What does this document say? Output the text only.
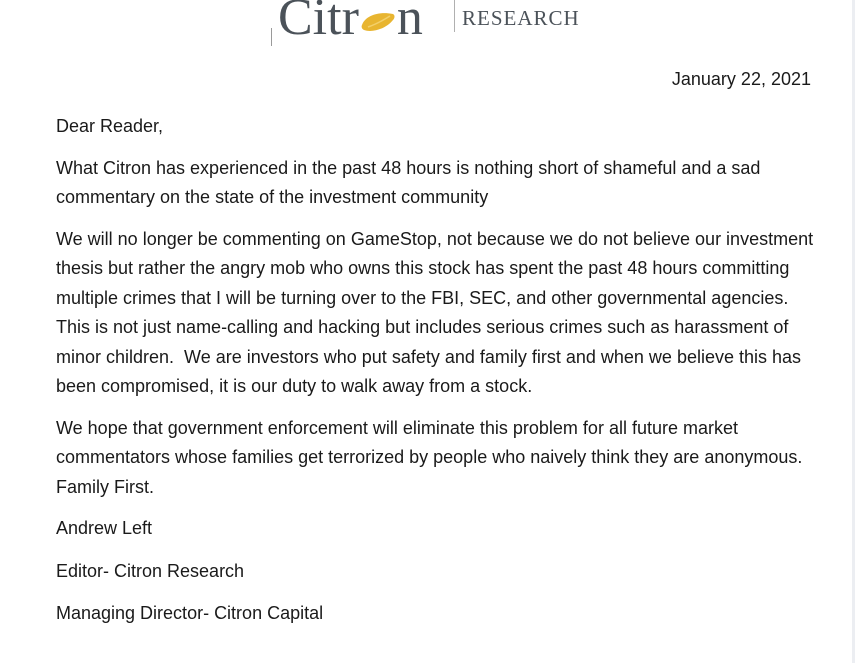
Citr n RESEARCH
January 22, 2021

Dear Reader,

What Citron has experienced in the past 48 hours is nothing short of shameful and a sad commentary on the state of the investment community

We will no longer be commenting on GameStop, not because we do not believe our investment thesis but rather the angry mob who owns this stock has spent the past 48 hours committing multiple crimes that I will be turning over to the FBI, SEC, and other governmental agencies.  This is not just name-calling and hacking but includes serious crimes such as harassment of minor children.  We are investors who put safety and family first and when we believe this has been compromised, it is our duty to walk away from a stock.

We hope that government enforcement will eliminate this problem for all future market commentators whose families get terrorized by people who naively think they are anonymous.   Family First.

Andrew Left

Editor- Citron Research

Managing Director- Citron Capital
